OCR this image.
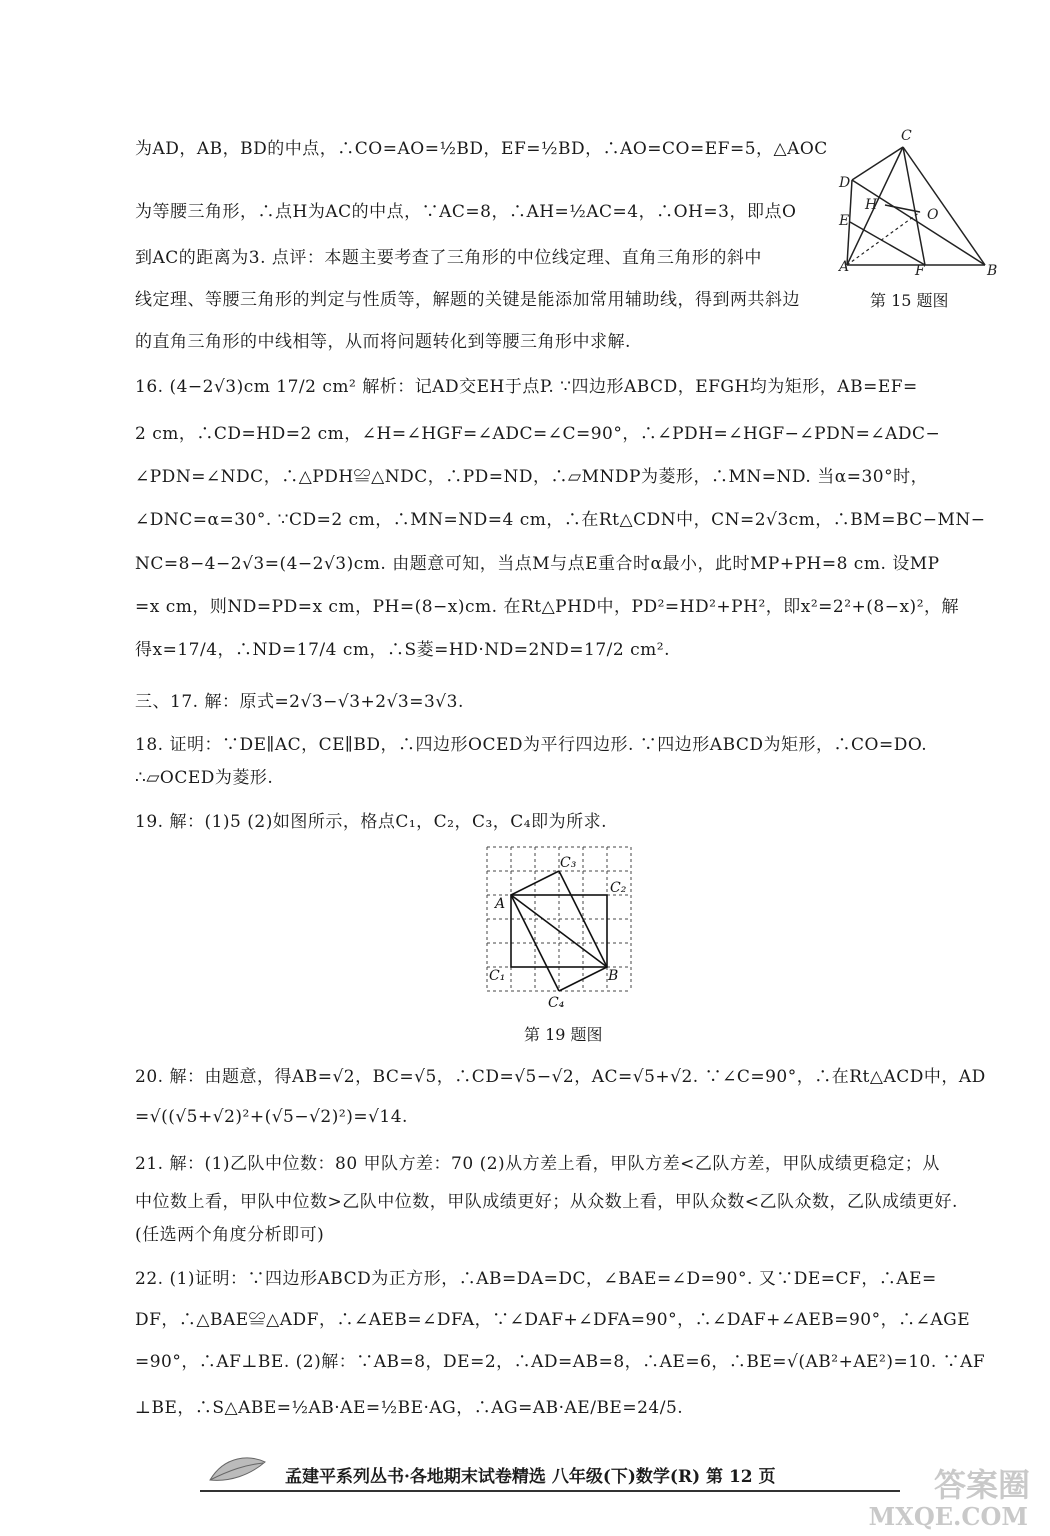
为AD，AB，BD的中点，∴CO=AO=½BD，EF=½BD，∴AO=CO=EF=5，△AOC
为等腰三角形，∴点H为AC的中点，∵AC=8，∴AH=½AC=4，∴OH=3，即点O
到AC的距离为3. 点评：本题主要考查了三角形的中位线定理、直角三角形的斜中
线定理、等腰三角形的判定与性质等，解题的关键是能添加常用辅助线，得到两共斜边
的直角三角形的中线相等，从而将问题转化到等腰三角形中求解.
16. (4−2√3)cm 17/2 cm² 解析：记AD交EH于点P. ∵四边形ABCD，EFGH均为矩形，AB=EF=
2 cm，∴CD=HD=2 cm，∠H=∠HGF=∠ADC=∠C=90°，∴∠PDH=∠HGF−∠PDN=∠ADC−
∠PDN=∠NDC，∴△PDH≌△NDC，∴PD=ND，∴▱MNDP为菱形，∴MN=ND. 当α=30°时，
∠DNC=α=30°. ∵CD=2 cm，∴MN=ND=4 cm，∴在Rt△CDN中，CN=2√3cm，∴BM=BC−MN−
NC=8−4−2√3=(4−2√3)cm. 由题意可知，当点M与点E重合时α最小，此时MP+PH=8 cm. 设MP
=x cm，则ND=PD=x cm，PH=(8−x)cm. 在Rt△PHD中，PD²=HD²+PH²，即x²=2²+(8−x)²，解
得x=17/4，∴ND=17/4 cm，∴S菱=HD·ND=2ND=17/2 cm².
三、17. 解：原式=2√3−√3+2√3=3√3.
18. 证明：∵DE∥AC，CE∥BD，∴四边形OCED为平行四边形. ∵四边形ABCD为矩形，∴CO=DO.
∴▱OCED为菱形.
19. 解：(1)5 (2)如图所示，格点C₁，C₂，C₃，C₄即为所求.
20. 解：由题意，得AB=√2，BC=√5，∴CD=√5−√2，AC=√5+√2. ∵∠C=90°，∴在Rt△ACD中，AD
=√((√5+√2)²+(√5−√2)²)=√14.
21. 解：(1)乙队中位数：80 甲队方差：70 (2)从方差上看，甲队方差<乙队方差，甲队成绩更稳定；从
中位数上看，甲队中位数>乙队中位数，甲队成绩更好；从众数上看，甲队众数<乙队众数，乙队成绩更好.
(任选两个角度分析即可)
22. (1)证明：∵四边形ABCD为正方形，∴AB=DA=DC，∠BAE=∠D=90°. 又∵DE=CF，∴AE=
DF，∴△BAE≌△ADF，∴∠AEB=∠DFA，∵∠DAF+∠DFA=90°，∴∠DAF+∠AEB=90°，∴∠AGE
=90°，∴AF⊥BE. (2)解：∵AB=8，DE=2，∴AD=AB=8，∴AE=6，∴BE=√(AB²+AE²)=10. ∵AF
⊥BE，∴S△ABE=½AB·AE=½BE·AG，∴AG=AB·AE/BE=24/5.
C
D
H
O
E
A	F	B
第 15 题图
C₃
C₂
A
C₁	B
C₄
第 19 题图
孟建平系列丛书·各地期末试卷精选 八年级(下)数学(R) 第 12 页	答案圈
MXQE.COM
